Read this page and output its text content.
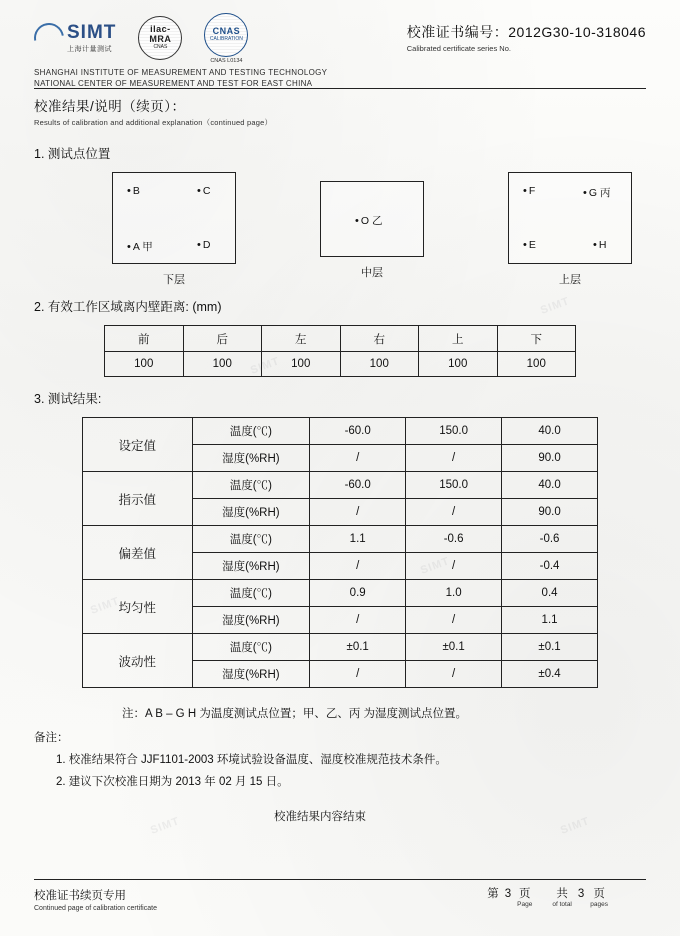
SIMT
SIMT
SIMT
SIMT
SIMT
SIMT
SIMT
上海计量测试
ilac-MRA
CNAS
CNAS
CALIBRATION
CNAS L0134
校准证书编号：2012G30-10-318046
Calibrated certificate series No.
SHANGHAI INSTITUTE OF MEASUREMENT AND TESTING TECHNOLOGY
NATIONAL CENTER OF MEASUREMENT AND TEST FOR EAST CHINA
校准结果/说明（续页）：
Results of calibration and additional explanation（continued page）
1. 测试点位置
• B	• C
• A 甲	• D
下层
• O 乙
中层
• F	• G 丙
• E	• H
上层
2. 有效工作区域离内壁距离: (mm)
前	后	左	右	上	下
100	100	100	100	100	100
3. 测试结果:
设定值	温度(℃)	-60.0	150.0	40.0
	湿度(%RH)	/	/	90.0
指示值	温度(℃)	-60.0	150.0	40.0
	湿度(%RH)	/	/	90.0
偏差值	温度(℃)	1.1	-0.6	-0.6
	湿度(%RH)	/	/	-0.4
均匀性	温度(℃)	0.9	1.0	0.4
	湿度(%RH)	/	/	1.1
波动性	温度(℃)	±0.1	±0.1	±0.1
	湿度(%RH)	/	/	±0.4
注：A B – G H 为温度测试点位置；甲、乙、丙 为湿度测试点位置。
备注：
1. 校准结果符合 JJF1101-2003 环境试验设备温度、湿度校准规范技术条件。
2. 建议下次校准日期为 2013 年 02 月 15 日。
校准结果内容结束
校准证书续页专用
Continued page of calibration certificate
第 3 页
Page
共
of total
3 页
pages
